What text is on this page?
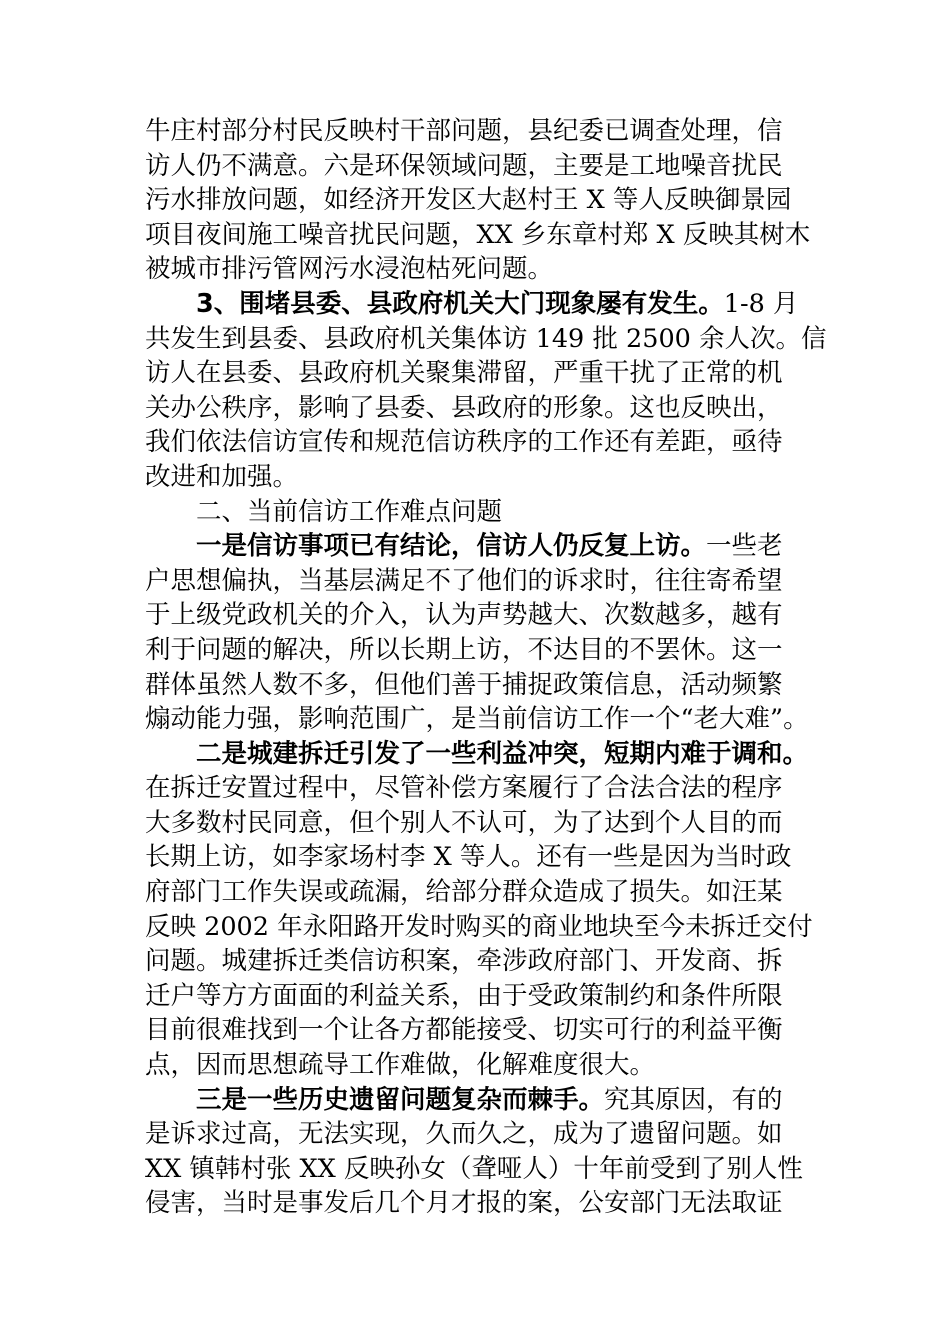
牛庄村部分村民反映村干部问题，县纪委已调查处理，信
访人仍不满意。六是环保领域问题，主要是工地噪音扰民
污水排放问题，如经济开发区大赵村王 X 等人反映御景园
项目夜间施工噪音扰民问题，XX 乡东章村郑 X 反映其树木
被城市排污管网污水浸泡枯死问题。
3、围堵县委、县政府机关大门现象屡有发生。1-8 月
共发生到县委、县政府机关集体访 149 批 2500 余人次。信
访人在县委、县政府机关聚集滞留，严重干扰了正常的机
关办公秩序，影响了县委、县政府的形象。这也反映出，
我们依法信访宣传和规范信访秩序的工作还有差距，亟待
改进和加强。
二、当前信访工作难点问题
一是信访事项已有结论，信访人仍反复上访。一些老
户思想偏执，当基层满足不了他们的诉求时，往往寄希望
于上级党政机关的介入，认为声势越大、次数越多，越有
利于问题的解决，所以长期上访，不达目的不罢休。这一
群体虽然人数不多，但他们善于捕捉政策信息，活动频繁
煽动能力强，影响范围广，是当前信访工作一个“老大难”。
二是城建拆迁引发了一些利益冲突，短期内难于调和。
在拆迁安置过程中，尽管补偿方案履行了合法合法的程序
大多数村民同意，但个别人不认可，为了达到个人目的而
长期上访，如李家场村李 X 等人。还有一些是因为当时政
府部门工作失误或疏漏，给部分群众造成了损失。如汪某
反映 2002 年永阳路开发时购买的商业地块至今未拆迁交付
问题。城建拆迁类信访积案，牵涉政府部门、开发商、拆
迁户等方方面面的利益关系，由于受政策制约和条件所限
目前很难找到一个让各方都能接受、切实可行的利益平衡
点，因而思想疏导工作难做，化解难度很大。
三是一些历史遗留问题复杂而棘手。究其原因，有的
是诉求过高，无法实现，久而久之，成为了遗留问题。如
XX 镇韩村张 XX 反映孙女（聋哑人）十年前受到了别人性
侵害，当时是事发后几个月才报的案，公安部门无法取证
